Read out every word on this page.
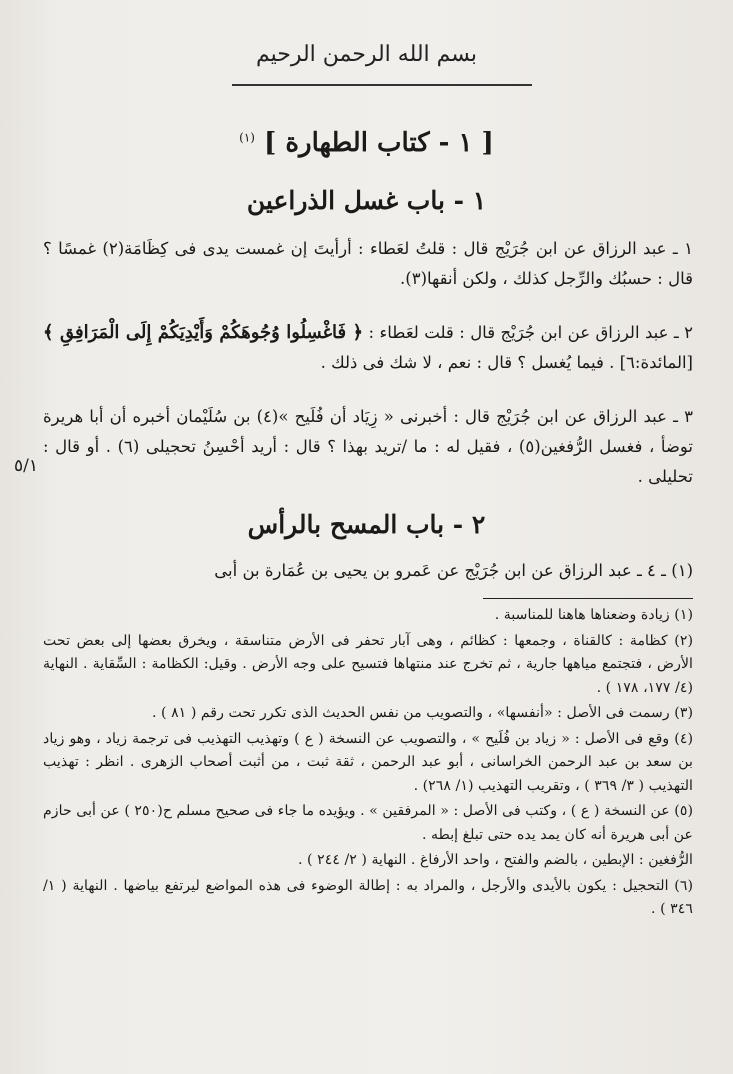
بسم الله الرحمن الرحيم
[ ١ - كتاب الطهارة ] $^{(١)}$
١ - باب غسل الذراعين
١ ـ عبد الرزاق عن ابن جُرَيْج قال : قلتُ لعَطاء : أرأيتَ إن غمست يدى فى كِظَامَة(٢) غمسًا ؟ قال : حسبُك والرِّجل كذلك ، ولكن أنقها(٣).
٢ ـ عبد الرزاق عن ابن جُرَيْج قال : قلت لعَطاء : ﴿ فَاغْسِلُوا وُجُوهَكُمْ وَأَيْدِيَكُمْ إِلَى الْمَرَافِقِ ﴾ [المائدة:٦] . فيما يُغسل ؟ قال : نعم ، لا شك فى ذلك .
٣ ـ عبد الرزاق عن ابن جُرَيْج قال : أخبرنى « زِيَاد أن فُلَيح »(٤) بن سُلَيْمان أخبره أن أبا هريرة توضأ ، فغسل الرُّفغين(٥) ، فقيل له : ما /تريد بهذا ؟ قال : أريد أحْسِنُ تحجيلى (٦) . أو قال : تحليلى .
٥/١
٢ - باب المسح بالرأس
(١) ـ ٤ ـ عبد الرزاق عن ابن جُرَيْج عن عَمرو بن يحيى بن عُمَارة بن أبى

(١) زيادة وضعناها هاهنا للمناسبة .

(٢) كظامة : كالقناة ، وجمعها : كظائم ، وهى آبار تحفر فى الأرض متناسقة ، ويخرق بعضها إلى بعض تحت الأرض ، فتجتمع مياهها جارية ، ثم تخرج عند منتهاها فتسيح على وجه الأرض . وقيل: الكظامة : السِّقاية . النهاية (٤/ ١٧٧، ١٧٨ ) .

(٣) رسمت فى الأصل : «أنفسها» ، والتصويب من نفس الحديث الذى تكرر تحت رقم ( ٨١ ) .

(٤) وقع فى الأصل : « زياد بن فُلَيح » ، والتصويب عن النسخة ( ع ) وتهذيب التهذيب فى ترجمة زياد ، وهو زياد بن سعد بن عبد الرحمن الخراسانى ، أبو عبد الرحمن ، ثقة ثبت ، من أثبت أصحاب الزهرى . انظر : تهذيب التهذيب ( ٣/ ٣٦٩ ) ، وتقريب التهذيب (١/ ٢٦٨) .

(٥) عن النسخة ( ع ) ، وكتب فى الأصل : « المرفقين » . ويؤيده ما جاء فى صحيح مسلم ح(٢٥٠ ) عن أبى حازم عن أبى هريرة أنه كان يمد يده حتى تبلغ إبطه .

الرُّفغين : الإبطين ، بالضم والفتح ، واحد الأرفاغ . النهاية ( ٢/ ٢٤٤ ) .

(٦) التحجيل : يكون بالأيدى والأرجل ، والمراد به : إطالة الوضوء فى هذه المواضع ليرتفع بياضها . النهاية ( ١/ ٣٤٦ ) .
